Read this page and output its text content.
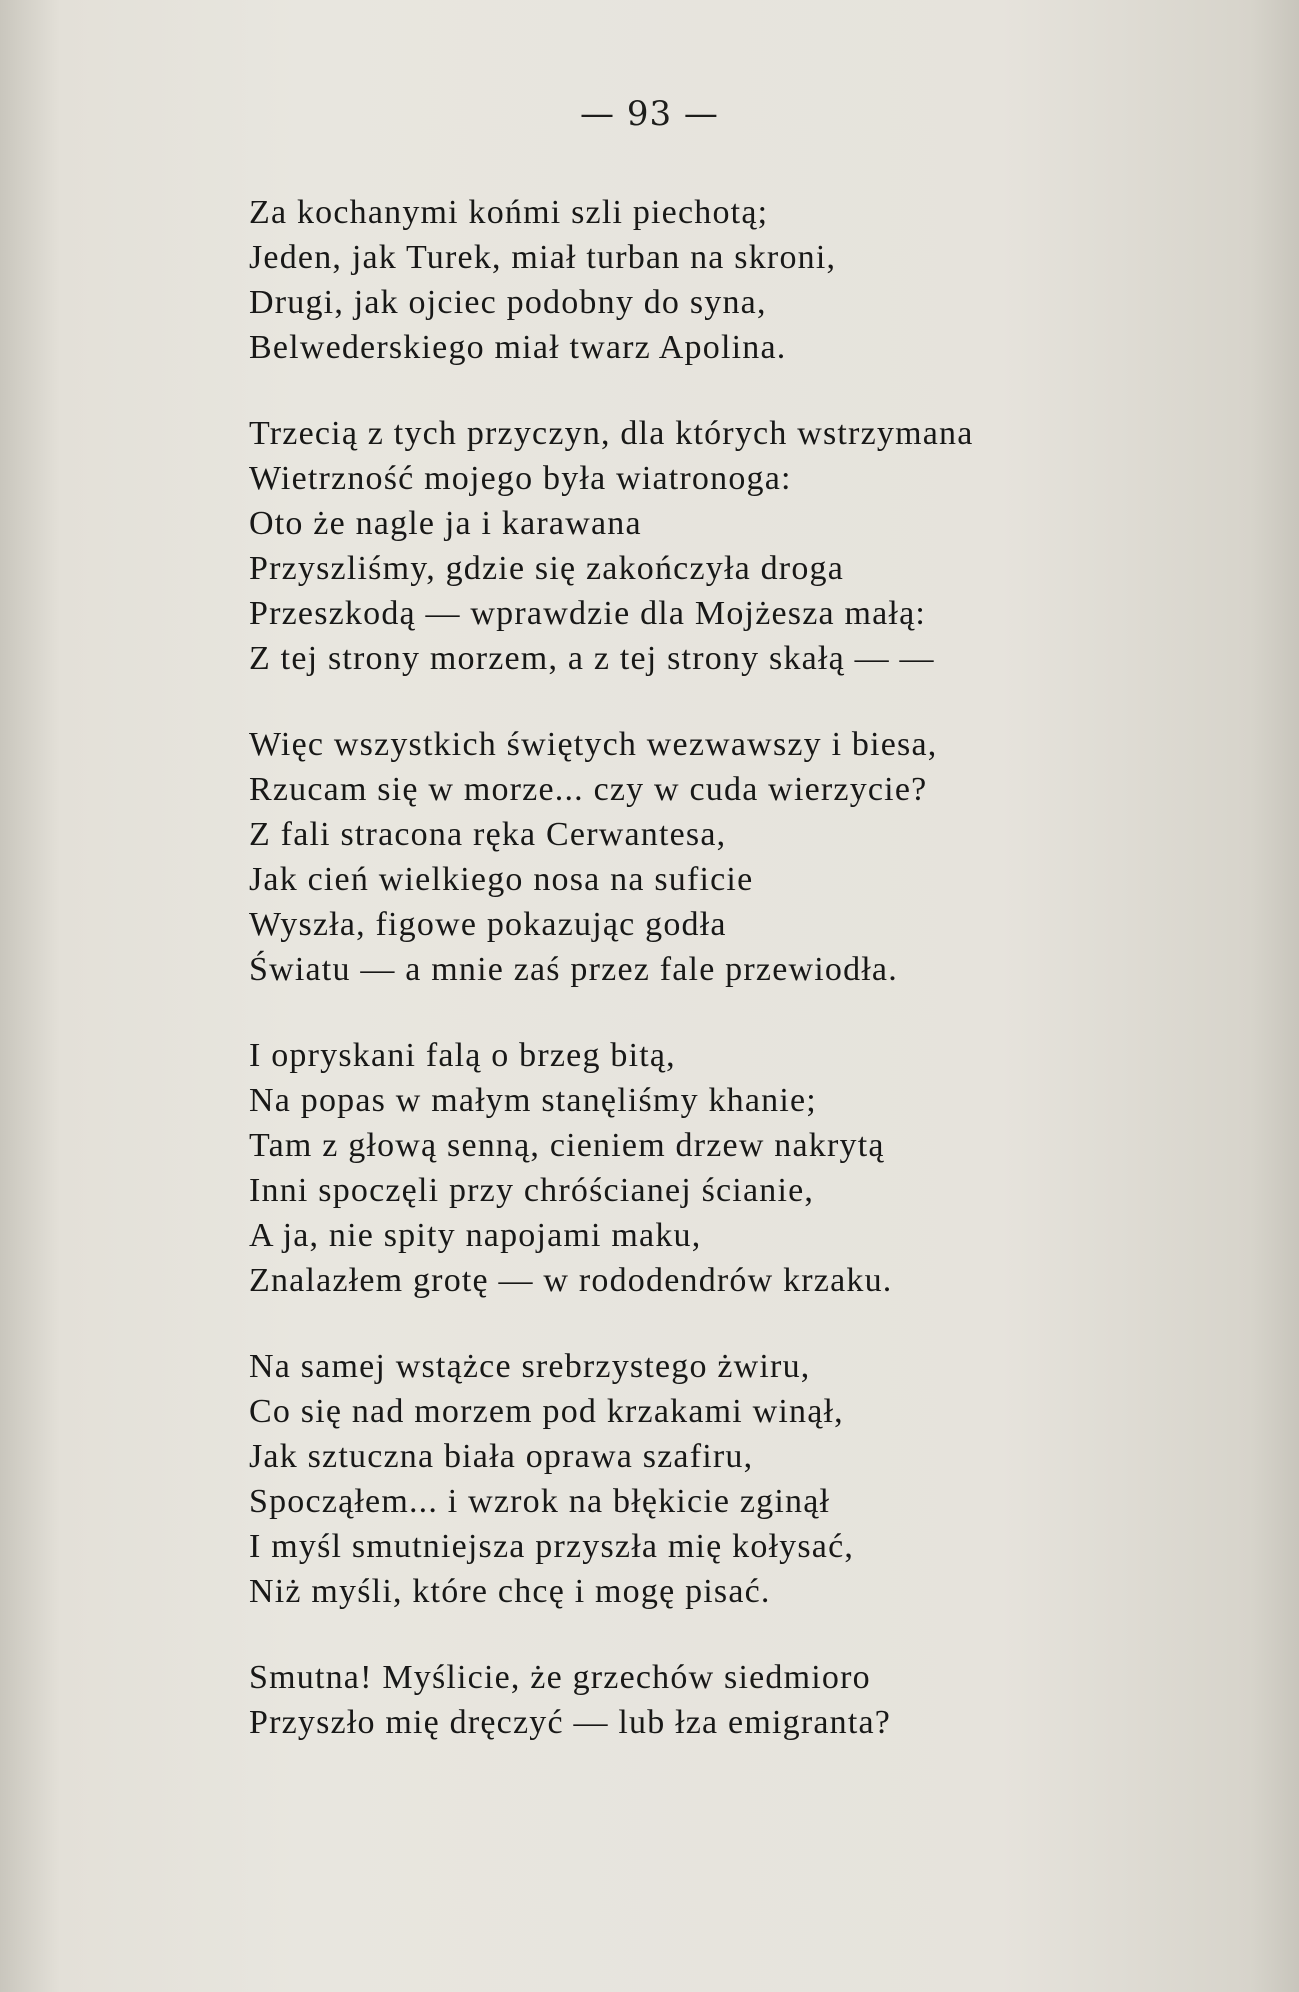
— 93 —
Za kochanymi końmi szli piechotą;
Jeden, jak Turek, miał turban na skroni,
Drugi, jak ojciec podobny do syna,
Belwederskiego miał twarz Apolina.
Trzecią z tych przyczyn, dla których wstrzymana
Wietrzność mojego była wiatronoga:
Oto że nagle ja i karawana
Przyszliśmy, gdzie się zakończyła droga
Przeszkodą — wprawdzie dla Mojżesza małą:
Z tej strony morzem, a z tej strony skałą — —
Więc wszystkich świętych wezwawszy i biesa,
Rzucam się w morze... czy w cuda wierzycie?
Z fali stracona ręka Cerwantesa,
Jak cień wielkiego nosa na suficie
Wyszła, figowe pokazując godła
Światu — a mnie zaś przez fale przewiodła.
I opryskani falą o brzeg bitą,
Na popas w małym stanęliśmy khanie;
Tam z głową senną, cieniem drzew nakrytą
Inni spoczęli przy chróścianej ścianie,
A ja, nie spity napojami maku,
Znalazłem grotę — w rododendrów krzaku.
Na samej wstążce srebrzystego żwiru,
Co się nad morzem pod krzakami winął,
Jak sztuczna biała oprawa szafiru,
Spocząłem... i wzrok na błękicie zginął
I myśl smutniejsza przyszła mię kołysać,
Niż myśli, które chcę i mogę pisać.
Smutna! Myślicie, że grzechów siedmioro
Przyszło mię dręczyć — lub łza emigranta?
